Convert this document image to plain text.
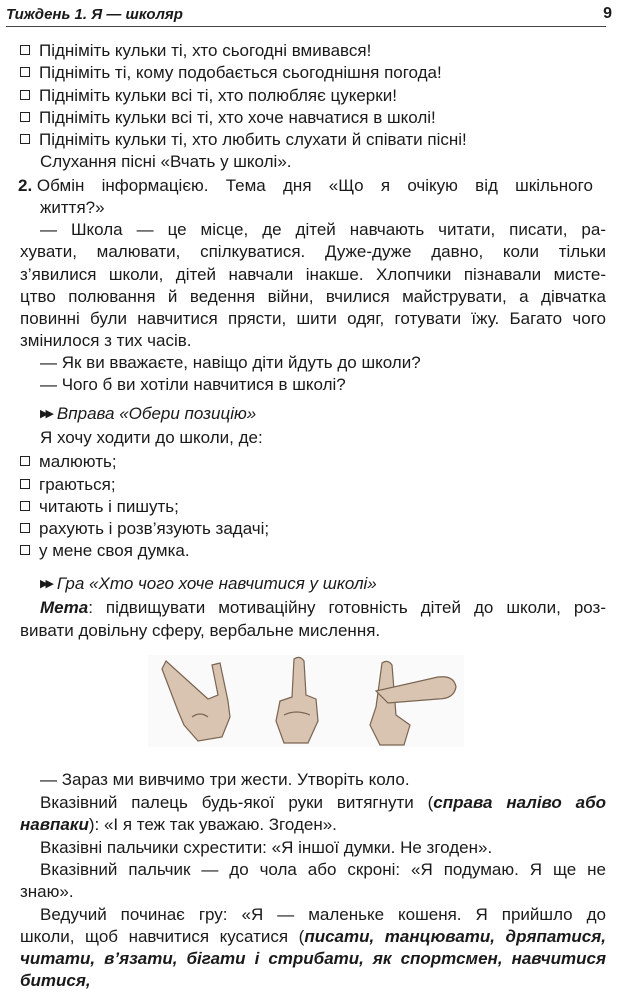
Тиждень 1. Я — школяр	9
Підніміть кульки ті, хто сьогодні вмивався!
Підніміть ті, кому подобається сьогоднішня погода!
Підніміть кульки всі ті, хто полюбляє цукерки!
Підніміть кульки всі ті, хто хоче навчатися в школі!
Підніміть кульки ті, хто любить слухати й співати пісні!
Слухання пісні «Вчать у школі».
2. Обмін інформацією. Тема дня «Що я очікую від шкільного
життя?»
— Школа — це місце, де дітей навчають читати, писати, ра-
хувати, малювати, спілкуватися. Дуже-дуже давно, коли тільки
з’явилися школи, дітей навчали інакше. Хлопчики пізнавали мисте-
цтво полювання й ведення війни, вчилися майструвати, а дівчатка
повинні були навчитися прясти, шити одяг, готувати їжу. Багато чого
змінилося з тих часів.
— Як ви вважаєте, навіщо діти йдуть до школи?
— Чого б ви хотіли навчитися в школі?
▶▶ Вправа «Обери позицію»
Я хочу ходити до школи, де:
малюють;
граються;
читають і пишуть;
рахують і розв’язують задачі;
у мене своя думка.
▶▶ Гра «Хто чого хоче навчитися у школі»
Мета: підвищувати мотиваційну готовність дітей до школи, роз-
вивати довільну сферу, вербальне мислення.
— Зараз ми вивчимо три жести. Утворіть коло.
Вказівний палець будь-якої руки витягнути (справа наліво або
навпаки): «І я теж так уважаю. Згоден».
Вказівні пальчики схрестити: «Я іншої думки. Не згоден».
Вказівний пальчик — до чола або скроні: «Я подумаю. Я ще не
знаю».
Ведучий починає гру: «Я — маленьке кошеня. Я прийшло до
школи, щоб навчитися кусатися (писати, танцювати, дряпатися,
читати, в’язати, бігати і стрибати, як спортсмен, навчитися битися,
